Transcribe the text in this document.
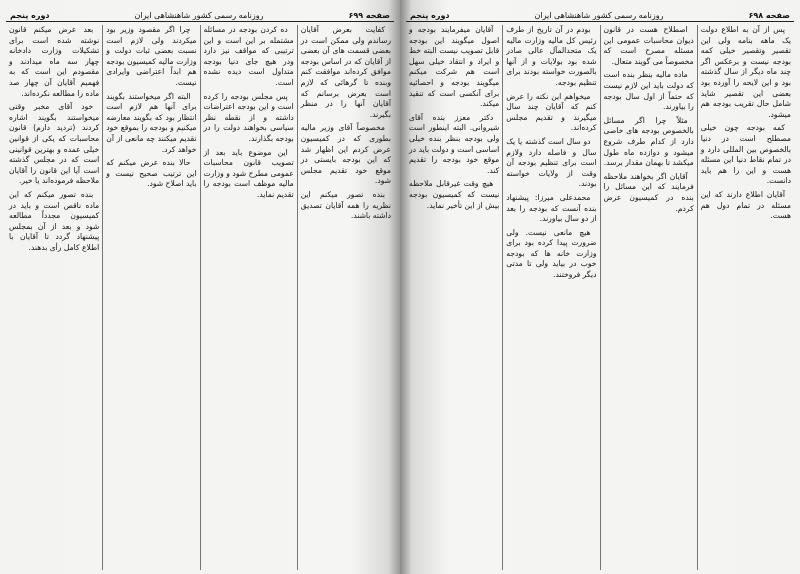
صفحه ۶۹۹
روزنامه رسمی کشور شاهنشاهی ایران
دوره پنجم

کفایت بعرض آقایان رساندم ولی ممکن است در بعضی قسمت های آن بعضی از آقایان که در اساس بودجه موافق کرده‌اند موافقت کنم وبنده تا گرهائی که لازم است بعرض برسانم که آقایان آنها را در منظر بگیرند.

مخصوصاً آقای وزیر مالیه بطوری که در کمیسیون عرض کردم این اظهار شد که این بودجه بایستی در موقع خود تقدیم مجلس شود.

بنده تصور میکنم این نظریه را همه آقایان تصدیق داشته باشند.

ده کردن بودجه در مسائله مشتمله بر این است و این ترتیبی که مواقف نیز دارد ودر هیچ جای دنیا بودجه متداول است دیده نشده است.

پس مجلس بودجه را کرده است و این بودجه اعتراضات داشته و از نقطه نظر سیاسی بخواهند دولت را در بودجه بگذارند.

این موضوع باید بعد از تصویب قانون محاسبات عمومی مطرح شود و وزارت مالیه موظف است بودجه را تقدیم نماید.

چرا اگر مقصود وزیر بود میکردند ولی لازم است نسبت بعضی ثبات دولت و وزارت مالیه کمیسیون بودجه هم ابداً اعتراضی وایرادی نیست.

البته اگر میخواستند بگویند برای آنها هم لازم است انتظار بود که بگویند معارضه میکنیم و بودجه را بموقع خود تقدیم میکنند چه مانعی از آن خواهد کرد.

حالا بنده عرض میکنم که این ترتیب صحیح نیست و باید اصلاح شود.

بعد عرض میکنم قانون نوشته شده است برای تشکیلات وزارت دادخانه چهار سه ماه میدادند و مقصودم این است که به فهمیم آقایان آن چهار صد ماده را مطالعه نکرده‌اند.

خود آقای مخبر وقتی میخواستند بگویند اشاره کردند (تردید دارم) قانون محاسبات که یکی از قوانین خیلی عمده و بهترین قوانینی است که در مجلس گذشته است آیا این قانون را آقایان ملاحظه فرموده‌اند یا خیر.

بنده تصور میکنم که این ماده ناقص است و باید در کمیسیون مجدداً مطالعه شود و بعد از آن بمجلس پیشنهاد گردد تا آقایان با اطلاع کامل رأی بدهند.

صفحه ۶۹۸
روزنامه رسمی کشور شاهنشاهی ایران
دوره پنجم

پس از آن به اطلاع دولت یک ماهه بنامه ولی این تقصیر وتقصیر خیلی کمه بودجه نیست و برعکس اگر چند ماه دیگر از سال گذشته بود و این لایحه را آورده بود بعضی این تقصیر شاید شامل حال تقریب بودجه هم میشود.

کمه بودجه چون خیلی مصطلح است در دنیا بالخصوص بین المللی دارد و در تمام نقاط دنیا این مسئله هست و این را هم باید دانست.

آقایان اطلاع دارند که این مسئله در تمام دول هم هست.

اصطلاح هست در قانون دیوان محاسبات عمومی این مسئله مصرح است که مخصوصاً می گویند متعال.

ماده مالیه بنظر بنده است که دولت باید این لازم نیست که حتماً از اول سال بودجه را بیاورند.

مثلاً چرا اگر مسائل بالخصوص بودجه های خاصی دارد از کدام طرف شروع میشود و دوازده ماه طول میکشد تا بهمان مقدار برسد.

آقایان اگر بخواهند ملاحظه فرمایند که این مسائل را بنده در کمیسیون عرض کردم.

بودم در آن تاریخ از طرف رئیس کل مالیه وزارت مالیه یک متحدالمآل عالی صادر شده بود بولایات و از آنها بالصورت خواسته بودند برای تنظیم بودجه.

میخواهم این نکته را عرض کنم که آقایان چند سال میگیرند و تقدیم مجلس کرده‌اند.

دو سال است گذشته یا یک سال و فاصله دارد ولازم است برای تنظیم بودجه آن وقت از ولایات خواسته بودند.

محمدعلی میرزا: پیشنهاد بنده آنست که بودجه را بعد از دو سال بیاورند.

هیچ مانعی نیست. ولی ضرورت پیدا کرده بود برای وزارت خانه ها که بودجه خوب در بیاید ولی تا مدتی دیگر فروختند.

آقایان میفرمایند بودجه و اصول میگویند این بودجه قابل تصویب نیست البته خط و ایراد و انتقاد خیلی سهل است هم شرکت میکنم میگویند بودجه و احصائیه برای آنکسی است که تنقید میکند.

دکتر معزز بنده آقای شیروانی. البته اینطور است ولی بودجه بنظر بنده خیلی اساسی است و دولت باید در موقع خود بودجه را تقدیم کند.

هیچ وقت غیرقابل ملاحظه نیست که کمیسیون بودجه بیش از این تأخیر نماید.
